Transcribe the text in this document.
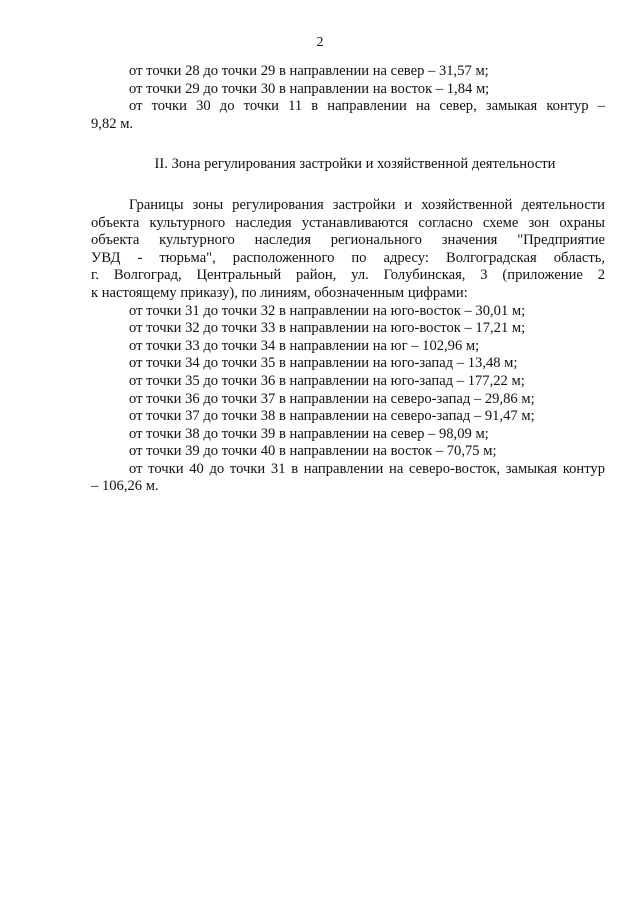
2
от точки 28 до точки 29 в направлении на север – 31,57 м;
от точки 29 до точки 30 в направлении на восток – 1,84 м;
от точки 30 до точки 11 в направлении на север, замыкая контур –
9,82 м.
II. Зона регулирования застройки и хозяйственной деятельности
Границы зоны регулирования застройки и хозяйственной деятельности
объекта культурного наследия устанавливаются согласно схеме зон охраны
объекта культурного наследия регионального значения "Предприятие
УВД - тюрьма", расположенного по адресу: Волгоградская область,
г. Волгоград, Центральный район, ул. Голубинская, 3 (приложение 2
к настоящему приказу), по линиям, обозначенным цифрами:
от точки 31 до точки 32 в направлении на юго-восток – 30,01 м;
от точки 32 до точки 33 в направлении на юго-восток – 17,21 м;
от точки 33 до точки 34 в направлении на юг – 102,96 м;
от точки 34 до точки 35 в направлении на юго-запад – 13,48 м;
от точки 35 до точки 36 в направлении на юго-запад – 177,22 м;
от точки 36 до точки 37 в направлении на северо-запад – 29,86 м;
от точки 37 до точки 38 в направлении на северо-запад – 91,47 м;
от точки 38 до точки 39 в направлении на север – 98,09 м;
от точки 39 до точки 40 в направлении на восток – 70,75 м;
от точки 40 до точки 31 в направлении на северо-восток, замыкая контур
– 106,26 м.
